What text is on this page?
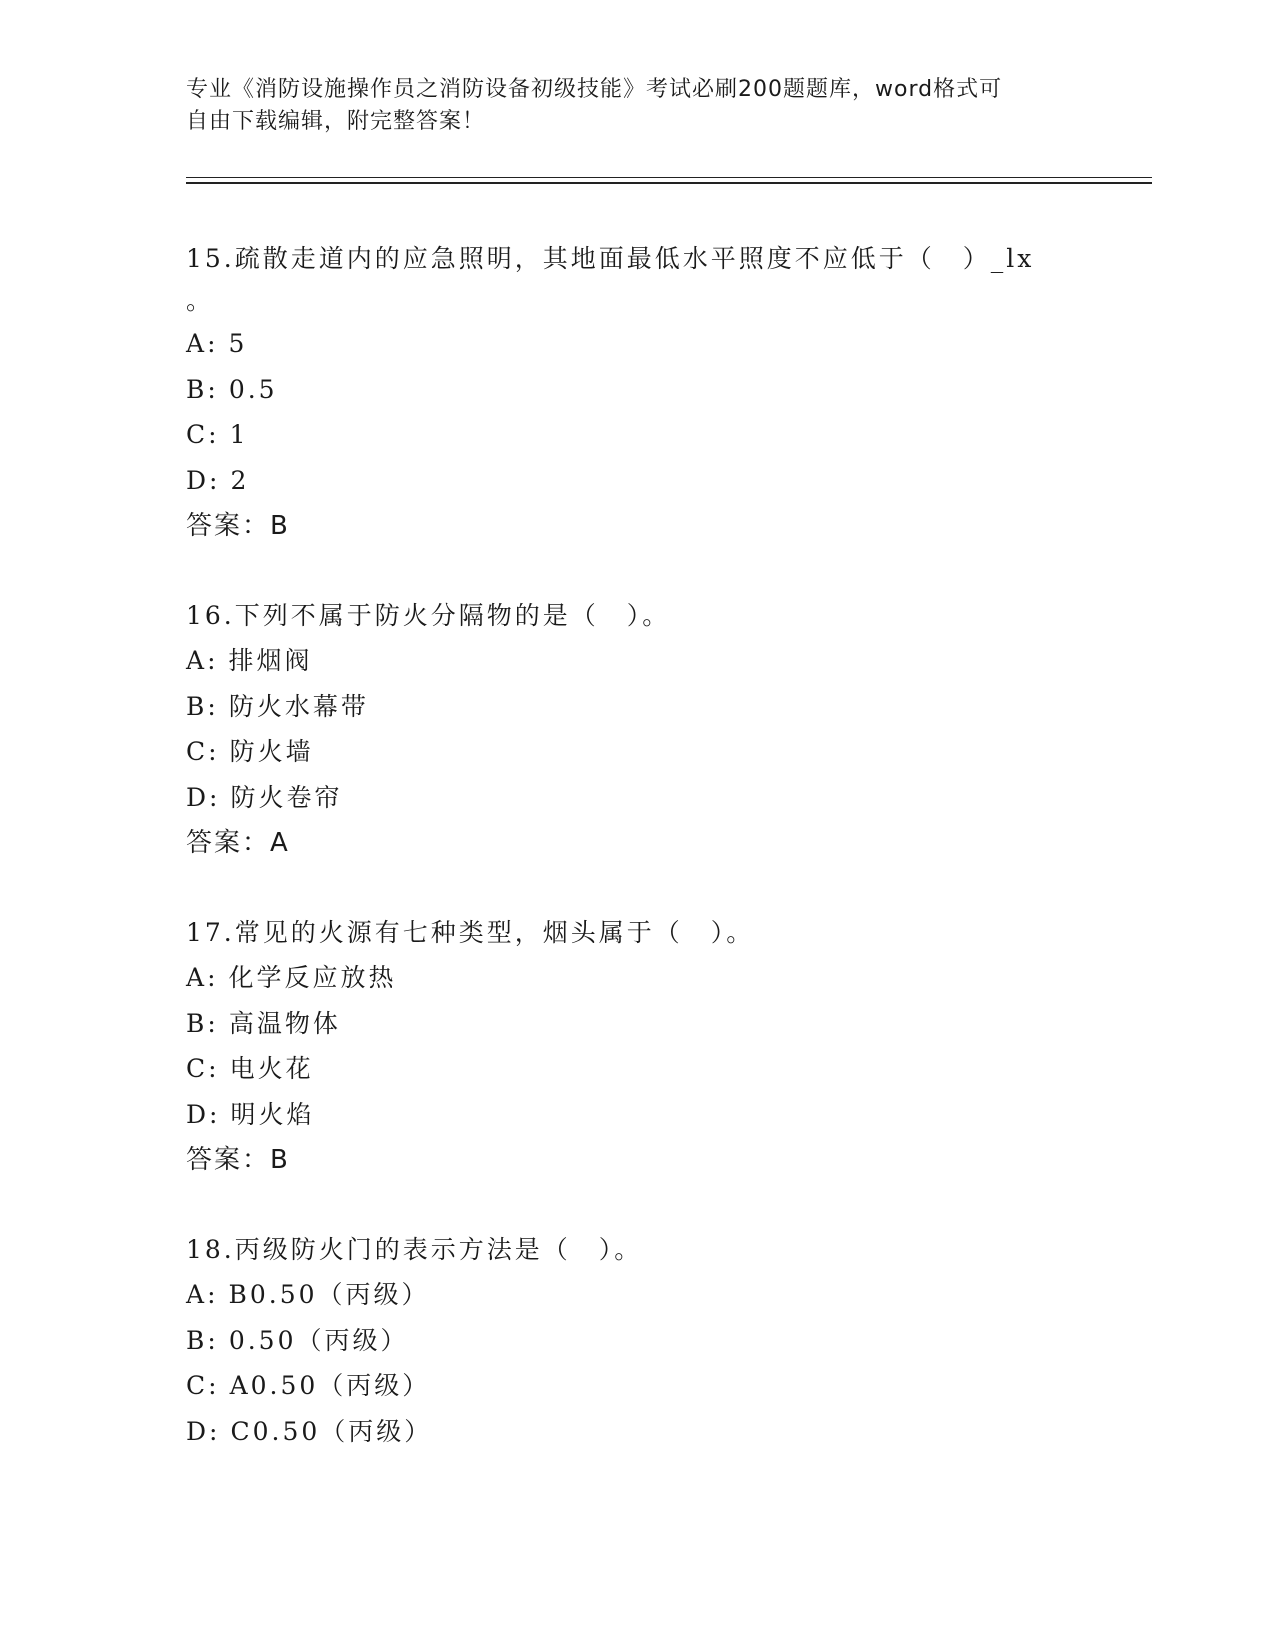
专业《消防设施操作员之消防设备初级技能》考试必刷200题题库，word格式可

自由下载编辑，附完整答案！

15.疏散走道内的应急照明，其地面最低水平照度不应低于（　）_lx
。
A: 5
B: 0.5
C: 1
D: 2
答案：B
16.下列不属于防火分隔物的是（　）。
A: 排烟阀
B: 防火水幕带
C: 防火墙
D: 防火卷帘
答案：A
17.常见的火源有七种类型，烟头属于（　）。
A: 化学反应放热
B: 高温物体
C: 电火花
D: 明火焰
答案：B
18.丙级防火门的表示方法是（　）。
A: B0.50（丙级）
B: 0.50（丙级）
C: A0.50（丙级）
D: C0.50（丙级）
